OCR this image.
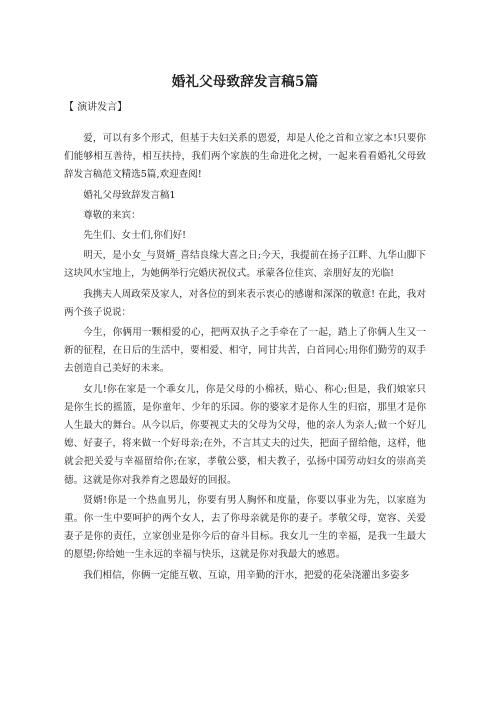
婚礼父母致辞发言稿5篇
【 演讲发言】

爱，可以有多个形式，但基于夫妇关系的恩爱，却是人伦之首和立家之本!只要你们能够相互善待，相互扶持，我们两个家族的生命进化之树，一起来看看婚礼父母致辞发言稿范文精选5篇,欢迎查阅!

婚礼父母致辞发言稿1

尊敬的来宾：

先生们、女士们,你们好!

明天，是小女_与贤婿_喜结良缘大喜之日;今天，我提前在扬子江畔、九华山脚下这块风水宝地上，为她俩举行完婚庆祝仪式。承蒙各位佳宾、亲朋好友的光临!

我携夫人周政荣及家人，对各位的到来表示衷心的感谢和深深的敬意! 在此，我对两个孩子说说：

今生，你俩用一颗相爱的心，把两双执子之手牵在了一起，踏上了你俩人生又一新的征程，在日后的生活中，要相爱、相守，同甘共苦，白首同心;用你们勤劳的双手去创造自己美好的未来。

女儿!你在家是一个乖女儿，你是父母的小棉袄，贴心、称心;但是，我们娘家只是你生长的摇篮，是你童年、少年的乐园。你的婆家才是你人生的归宿，那里才是你人生最大的舞台。从今以后，你要视丈夫的父母为父母，他的亲人为亲人;做一个好儿媳、好妻子，将来做一个好母亲;在外，不言其丈夫的过失，把面子留给他，这样，他就会把关爱与幸福留给你;在家，孝敬公婆，相夫教子，弘扬中国劳动妇女的崇高美德。这就是你对我养育之恩最好的回报。

贤婿!你是一个热血男儿，你要有男人胸怀和度量，你要以事业为先，以家庭为重。你一生中要呵护的两个女人，去了你母亲就是你的妻子。孝敬父母，宽容、关爱妻子是你的责任，立家创业是你今后的奋斗目标。我女儿一生的幸福，是我一生最大的愿望;你给她一生永远的幸福与快乐，这就是你对我最大的感恩。

我们相信，你俩一定能互敬、互谅，用辛勤的汗水，把爱的花朵浇灌出多姿多
